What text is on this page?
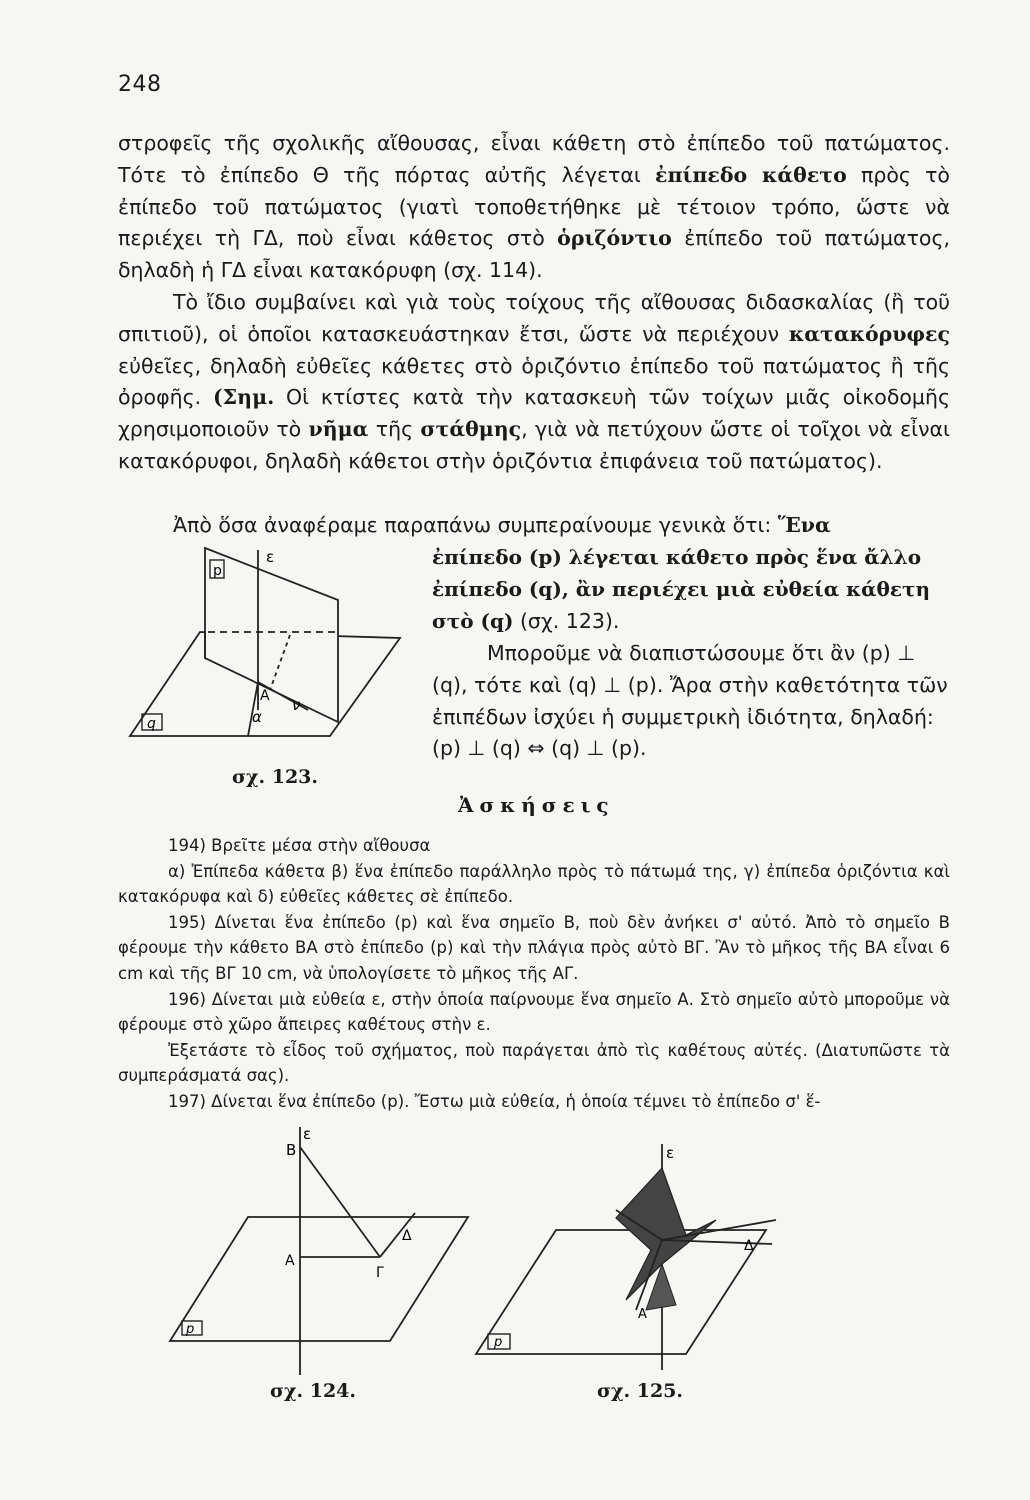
248

στροφεῖς τῆς σχολικῆς αἴθουσας, εἶναι κάθετη στὸ ἐπίπεδο τοῦ πατώματος. Τότε τὸ ἐπίπεδο Θ τῆς πόρτας αὐτῆς λέγεται ἐπίπεδο κάθετο πρὸς τὸ ἐπίπεδο τοῦ πατώματος (γιατὶ τοποθετήθηκε μὲ τέτοιον τρόπο, ὥστε νὰ περιέχει τὴ ΓΔ, ποὺ εἶναι κάθετος στὸ ὁριζόντιο ἐπίπεδο τοῦ πατώματος, δηλαδὴ ἡ ΓΔ εἶναι κατακόρυφη (σχ. 114).

Τὸ ἴδιο συμβαίνει καὶ γιὰ τοὺς τοίχους τῆς αἴθουσας διδασκαλίας (ἢ τοῦ σπιτιοῦ), οἱ ὁποῖοι κατασκευάστηκαν ἔτσι, ὥστε νὰ περιέχουν κατακόρυφες εὐθεῖες, δηλαδὴ εὐθεῖες κάθετες στὸ ὁριζόντιο ἐπίπεδο τοῦ πατώματος ἢ τῆς ὀροφῆς. (Σημ. Οἱ κτίστες κατὰ τὴν κατασκευὴ τῶν τοίχων μιᾶς οἰκοδομῆς χρησιμοποιοῦν τὸ νῆμα τῆς στάθμης, γιὰ νὰ πετύχουν ὥστε οἱ τοῖχοι νὰ εἶναι κατακόρυφοι, δηλαδὴ κάθετοι στὴν ὁριζόντια ἐπιφάνεια τοῦ πατώματος).

Ἀπὸ ὅσα ἀναφέραμε παραπάνω συμπεραίνουμε γενικὰ ὅτι: Ἕνα

ἐπίπεδο (p) λέγεται κάθετο πρὸς ἕνα ἄλλο ἐπίπεδο (q), ἂν περιέχει μιὰ εὐθεία κάθετη στὸ (q) (σχ. 123).
Μποροῦμε νὰ διαπιστώσουμε ὅτι ἂν (p) ⊥ (q), τότε καὶ (q) ⊥ (p). Ἄρα στὴν καθετότητα τῶν ἐπιπέδων ἰσχύει ἡ συμμετρικὴ ἰδιότητα, δηλαδή: (p) ⊥ (q) ⇔ (q) ⊥ (p).
p
ε
q
Α
α
ν
σχ. 123.
Ἀσκήσεις

194) Βρεῖτε μέσα στὴν αἴθουσα

α) Ἐπίπεδα κάθετα β) ἕνα ἐπίπεδο παράλληλο πρὸς τὸ πάτωμά της, γ) ἐπίπεδα ὁριζόντια καὶ κατακόρυφα καὶ δ) εὐθεῖες κάθετες σὲ ἐπίπεδο.

195) Δίνεται ἕνα ἐπίπεδο (p) καὶ ἕνα σημεῖο Β, ποὺ δὲν ἀνήκει σ' αὐτό. Ἀπὸ τὸ σημεῖο Β φέρουμε τὴν κάθετο ΒΑ στὸ ἐπίπεδο (p) καὶ τὴν πλάγια πρὸς αὐτὸ ΒΓ. Ἂν τὸ μῆκος τῆς ΒΑ εἶναι 6 cm καὶ τῆς ΒΓ 10 cm, νὰ ὑπολογίσετε τὸ μῆκος τῆς ΑΓ.

196) Δίνεται μιὰ εὐθεία ε, στὴν ὁποία παίρνουμε ἕνα σημεῖο Α. Στὸ σημεῖο αὐτὸ μποροῦμε νὰ φέρουμε στὸ χῶρο ἄπειρες καθέτους στὴν ε.

Ἐξετάστε τὸ εἶδος τοῦ σχήματος, ποὺ παράγεται ἀπὸ τὶς καθέτους αὐτές. (Διατυπῶστε τὰ συμπεράσματά σας).

197) Δίνεται ἕνα ἐπίπεδο (p). Ἔστω μιὰ εὐθεία, ἡ ὁποία τέμνει τὸ ἐπίπεδο σ' ἕ-

ε
Β
Α
Γ
Δ
p
σχ. 124.
ε
Δ
Α
p
σχ. 125.
